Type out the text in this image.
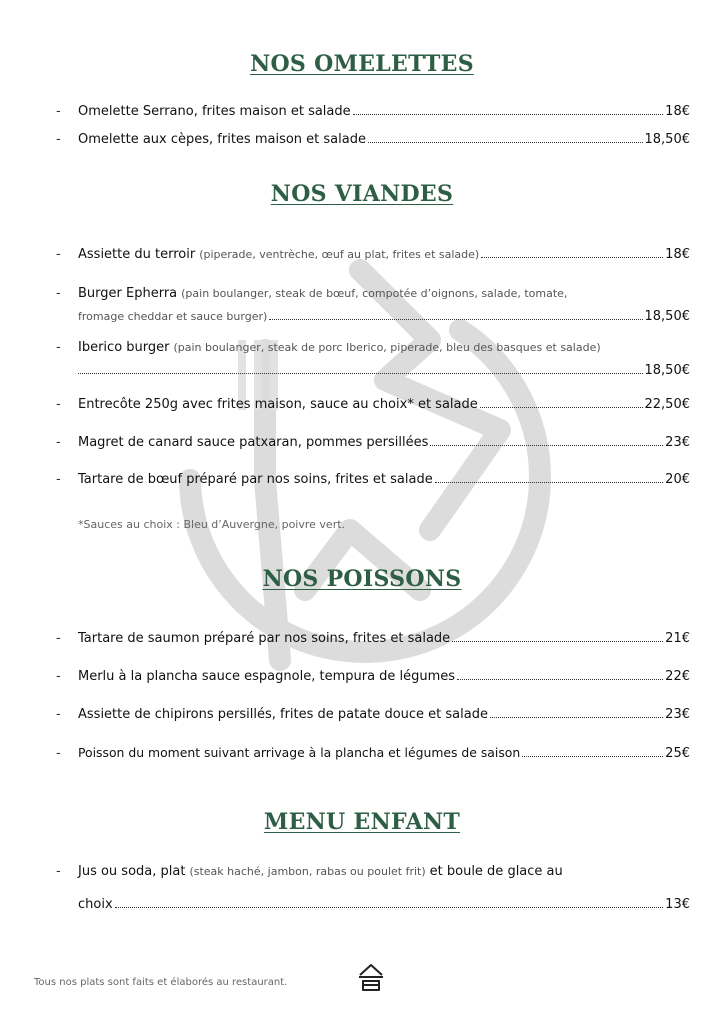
NOS OMELETTES
-	Omelette Serrano, frites maison et salade	18€
-	Omelette aux cèpes, frites maison et salade	18,50€
NOS VIANDES
-	Assiette du terroir (piperade, ventrèche, œuf au plat, frites et salade)	18€
-	Burger Epherra (pain boulanger, steak de bœuf, compotée d’oignons, salade, tomate,
fromage cheddar et sauce burger)	18,50€
-	Iberico burger (pain boulanger, steak de porc Iberico, piperade, bleu des basques et salade)
18,50€
-	Entrecôte 250g avec frites maison, sauce au choix* et salade	22,50€
-	Magret de canard sauce patxaran, pommes persillées	23€
-	Tartare de bœuf préparé par nos soins, frites et salade	20€
*Sauces au choix : Bleu d’Auvergne, poivre vert.
NOS POISSONS
-	Tartare de saumon préparé par nos soins, frites et salade	21€
-	Merlu à la plancha sauce espagnole, tempura de légumes	22€
-	Assiette de chipirons persillés, frites de patate douce et salade	23€
-	Poisson du moment suivant arrivage à la plancha et légumes de saison	25€
MENU ENFANT
-	Jus ou soda, plat (steak haché, jambon, rabas ou poulet frit) et boule de glace au
choix	13€
Tous nos plats sont faits et élaborés au restaurant.
